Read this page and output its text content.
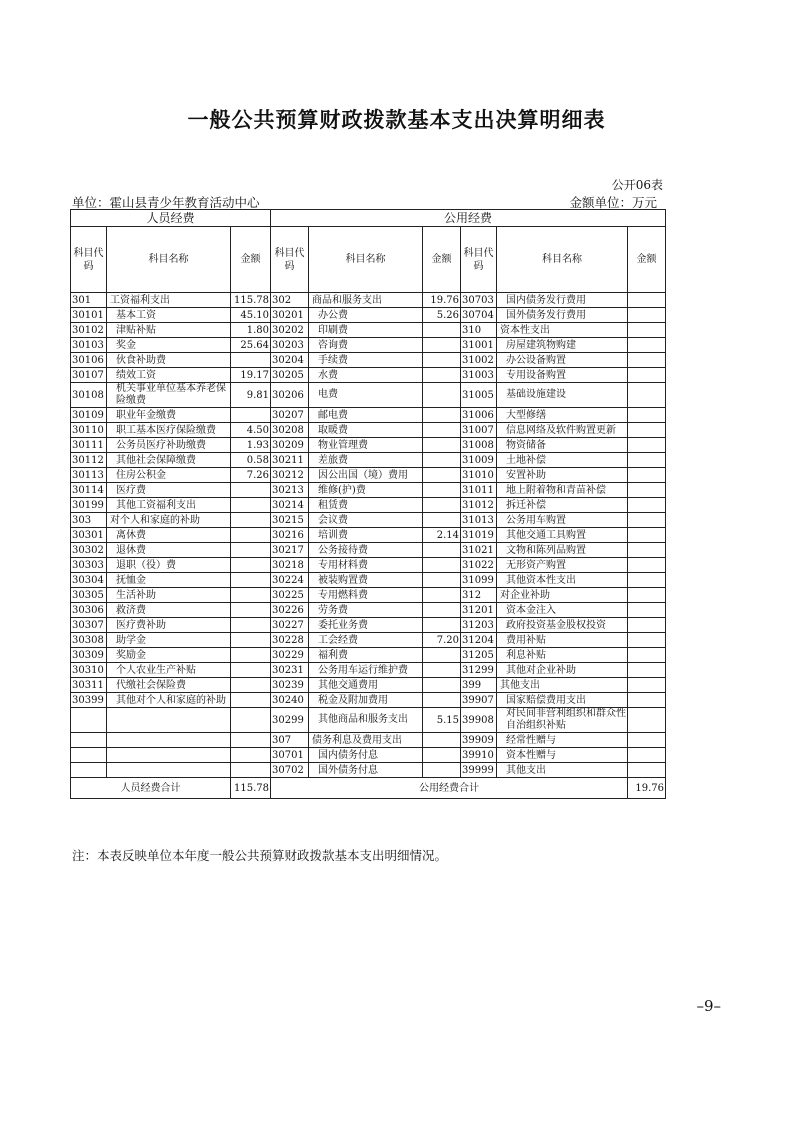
一般公共预算财政拨款基本支出决算明细表
公开06表
单位：霍山县青少年教育活动中心	金额单位：万元
人员经费			公用经费					
科目代码	科目名称	金额	科目代码	科目名称	金额	科目代码	科目名称	金额
301	工资福利支出	115.78	302	商品和服务支出	19.76	30703	国内债务发行费用	
30101	基本工资	45.10	30201	办公费	5.26	30704	国外债务发行费用	
30102	津贴补贴	1.80	30202	印刷费		310	资本性支出	
30103	奖金	25.64	30203	咨询费		31001	房屋建筑物购建	
30106	伙食补助费		30204	手续费		31002	办公设备购置	
30107	绩效工资	19.17	30205	水费		31003	专用设备购置	
30108	机关事业单位基本养老保险缴费	9.81	30206	电费		31005	基础设施建设	
30109	职业年金缴费		30207	邮电费		31006	大型修缮	
30110	职工基本医疗保险缴费	4.50	30208	取暖费		31007	信息网络及软件购置更新	
30111	公务员医疗补助缴费	1.93	30209	物业管理费		31008	物资储备	
30112	其他社会保障缴费	0.58	30211	差旅费		31009	土地补偿	
30113	住房公积金	7.26	30212	因公出国（境）费用		31010	安置补助	
30114	医疗费		30213	维修(护)费		31011	地上附着物和青苗补偿	
30199	其他工资福利支出		30214	租赁费		31012	拆迁补偿	
303	对个人和家庭的补助		30215	会议费		31013	公务用车购置	
30301	离休费		30216	培训费	2.14	31019	其他交通工具购置	
30302	退休费		30217	公务接待费		31021	文物和陈列品购置	
30303	退职（役）费		30218	专用材料费		31022	无形资产购置	
30304	抚恤金		30224	被装购置费		31099	其他资本性支出	
30305	生活补助		30225	专用燃料费		312	对企业补助	
30306	救济费		30226	劳务费		31201	资本金注入	
30307	医疗费补助		30227	委托业务费		31203	政府投资基金股权投资	
30308	助学金		30228	工会经费	7.20	31204	费用补贴	
30309	奖励金		30229	福利费		31205	利息补贴	
30310	个人农业生产补贴		30231	公务用车运行维护费		31299	其他对企业补助	
30311	代缴社会保险费		30239	其他交通费用		399	其他支出	
30399	其他对个人和家庭的补助		30240	税金及附加费用		39907	国家赔偿费用支出	
			30299	其他商品和服务支出	5.15	39908	对民间非营利组织和群众性自治组织补贴	
			307	债务利息及费用支出		39909	经常性赠与	
			30701	国内债务付息		39910	资本性赠与	
			30702	国外债务付息		39999	其他支出	
人员经费合计		115.78	公用经费合计					19.76
注：本表反映单位本年度一般公共预算财政拨款基本支出明细情况。
–9–
